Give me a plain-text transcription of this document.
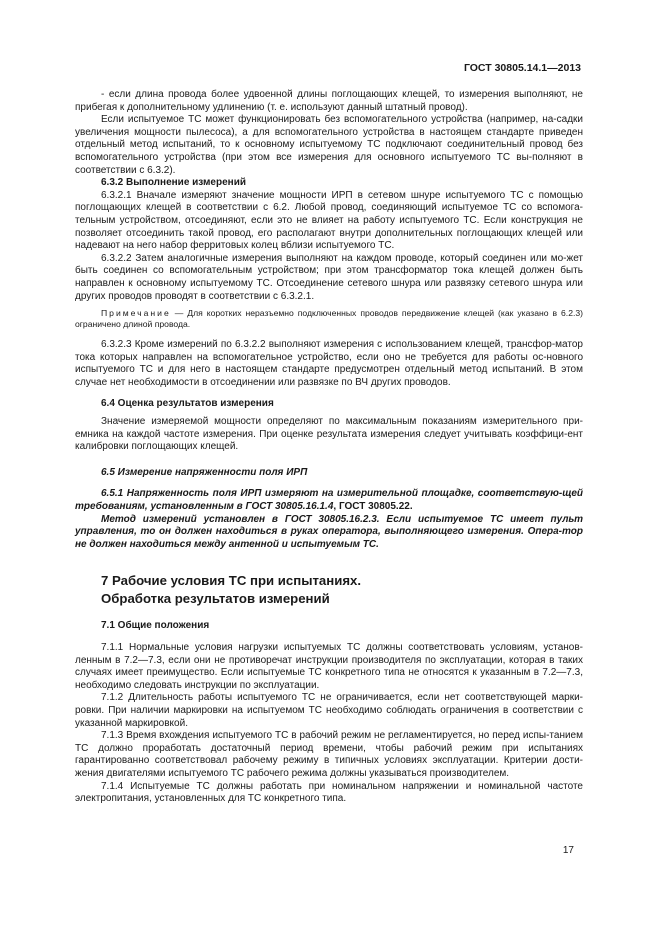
ГОСТ 30805.14.1—2013

- если длина провода более удвоенной длины поглощающих клещей, то измерения выполняют, не прибегая к дополнительному удлинению (т. е. используют данный штатный провод).

Если испытуемое ТС может функционировать без вспомогательного устройства (например, на-садки увеличения мощности пылесоса), а для вспомогательного устройства в настоящем стандарте приведен отдельный метод испытаний, то к основному испытуемому ТС подключают соединительный провод без вспомогательного устройства (при этом все измерения для основного испытуемого ТС вы-полняют в соответствии с 6.3.2).

6.3.2 Выполнение измерений

6.3.2.1 Вначале измеряют значение мощности ИРП в сетевом шнуре испытуемого ТС с помощью поглощающих клещей в соответствии с 6.2. Любой провод, соединяющий испытуемое ТС со вспомога-тельным устройством, отсоединяют, если это не влияет на работу испытуемого ТС. Если конструкция не позволяет отсоединить такой провод, его располагают внутри дополнительных поглощающих клещей или надевают на него набор ферритовых колец вблизи испытуемого ТС.

6.3.2.2 Затем аналогичные измерения выполняют на каждом проводе, который соединен или мо-жет быть соединен со вспомогательным устройством; при этом трансформатор тока клещей должен быть направлен к основному испытуемому ТС. Отсоединение сетевого шнура или развязку сетевого шнура или других проводов проводят в соответствии с 6.3.2.1.

Примечание — Для коротких неразъемно подключенных проводов передвижение клещей (как указано в 6.2.3) ограничено длиной провода.

6.3.2.3 Кроме измерений по 6.3.2.2 выполняют измерения с использованием клещей, трансфор-матор тока которых направлен на вспомогательное устройство, если оно не требуется для работы ос-новного испытуемого ТС и для него в настоящем стандарте предусмотрен отдельный метод испытаний. В этом случае нет необходимости в отсоединении или развязке по ВЧ других проводов.

6.4 Оценка результатов измерения

Значение измеряемой мощности определяют по максимальным показаниям измерительного при-емника на каждой частоте измерения. При оценке результата измерения следует учитывать коэффици-ент калибровки поглощающих клещей.

6.5 Измерение напряженности поля ИРП

6.5.1 Напряженность поля ИРП измеряют на измерительной площадке, соответствую-щей требованиям, установленным в ГОСТ 30805.16.1.4, ГОСТ 30805.22.

Метод измерений установлен в ГОСТ 30805.16.2.3. Если испытуемое ТС имеет пульт управления, то он должен находиться в руках оператора, выполняющего измерения. Опера-тор не должен находиться между антенной и испытуемым ТС.

7 Рабочие условия ТС при испытаниях.
Обработка результатов измерений

7.1 Общие положения

7.1.1 Нормальные условия нагрузки испытуемых ТС должны соответствовать условиям, установ-ленным в 7.2—7.3, если они не противоречат инструкции производителя по эксплуатации, которая в таких случаях имеет преимущество. Если испытуемые ТС конкретного типа не относятся к указанным в 7.2—7.3, необходимо следовать инструкции по эксплуатации.

7.1.2 Длительность работы испытуемого ТС не ограничивается, если нет соответствующей марки-ровки. При наличии маркировки на испытуемом ТС необходимо соблюдать ограничения в соответствии с указанной маркировкой.

7.1.3 Время вхождения испытуемого ТС в рабочий режим не регламентируется, но перед испы-танием ТС должно проработать достаточный период времени, чтобы рабочий режим при испытаниях гарантированно соответствовал рабочему режиму в типичных условиях эксплуатации. Критерии дости-жения двигателями испытуемого ТС рабочего режима должны указываться производителем.

7.1.4 Испытуемые ТС должны работать при номинальном напряжении и номинальной частоте электропитания, установленных для ТС конкретного типа.

17
